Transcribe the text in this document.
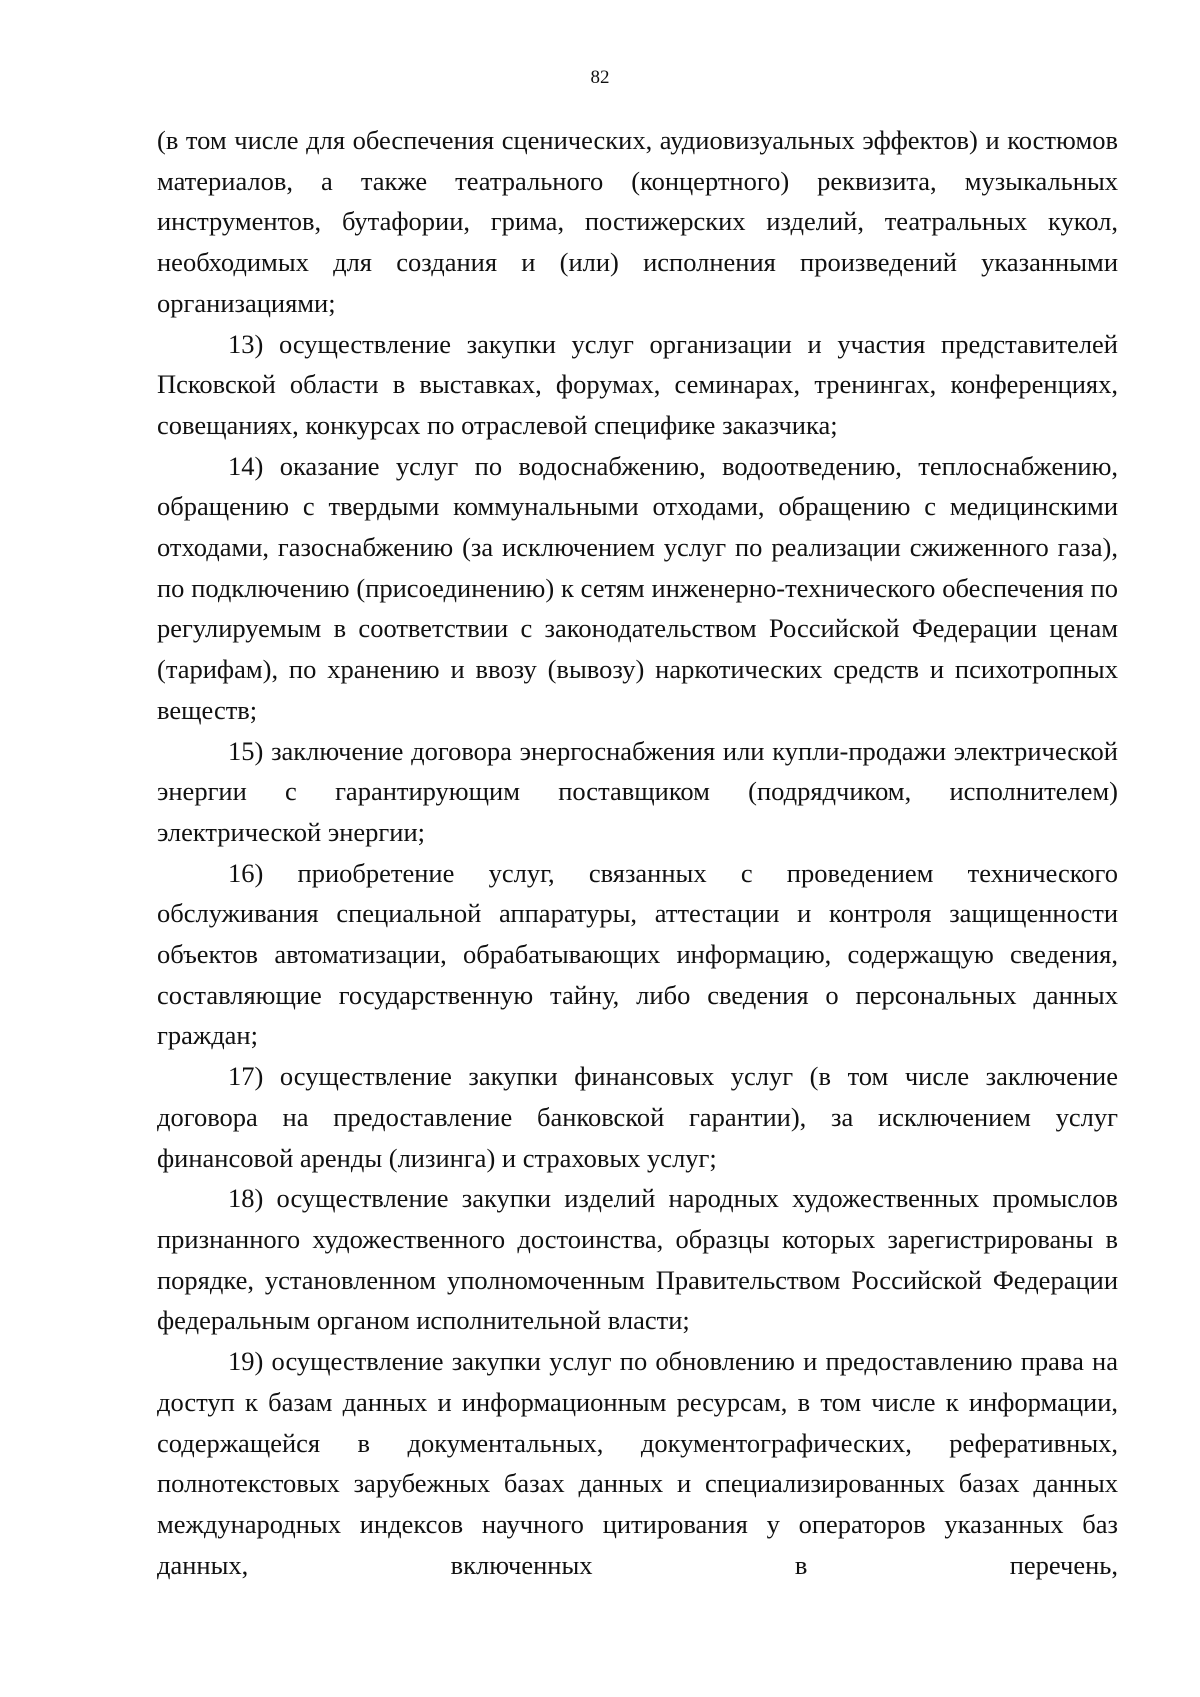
82

(в том числе для обеспечения сценических, аудиовизуальных эффектов) и костюмов материалов, а также театрального (концертного) реквизита, музыкальных инструментов, бутафории, грима, постижерских изделий, театральных кукол, необходимых для создания и (или) исполнения произведений указанными организациями;

13) осуществление закупки услуг организации и участия представителей Псковской области в выставках, форумах, семинарах, тренингах, конференциях, совещаниях, конкурсах по отраслевой специфике заказчика;

14) оказание услуг по водоснабжению, водоотведению, теплоснабжению, обращению с твердыми коммунальными отходами, обращению с медицинскими отходами, газоснабжению (за исключением услуг по реализации сжиженного газа), по подключению (присоединению) к сетям инженерно-технического обеспечения по регулируемым в соответствии с законодательством Российской Федерации ценам (тарифам), по хранению и ввозу (вывозу) наркотических средств и психотропных веществ;

15) заключение договора энергоснабжения или купли-продажи электрической энергии с гарантирующим поставщиком (подрядчиком, исполнителем) электрической энергии;

16) приобретение услуг, связанных с проведением технического обслуживания специальной аппаратуры, аттестации и контроля защищенности объектов автоматизации, обрабатывающих информацию, содержащую сведения, составляющие государственную тайну, либо сведения о персональных данных граждан;

17) осуществление закупки финансовых услуг (в том числе заключение договора на предоставление банковской гарантии), за исключением услуг финансовой аренды (лизинга) и страховых услуг;

18) осуществление закупки изделий народных художественных промыслов признанного художественного достоинства, образцы которых зарегистрированы в порядке, установленном уполномоченным Правительством Российской Федерации федеральным органом исполнительной власти;

19) осуществление закупки услуг по обновлению и предоставлению права на доступ к базам данных и информационным ресурсам, в том числе к информации, содержащейся в документальных, документографических, реферативных, полнотекстовых зарубежных базах данных и специализированных базах данных международных индексов научного цитирования у операторов указанных баз данных, включенных в перечень,
